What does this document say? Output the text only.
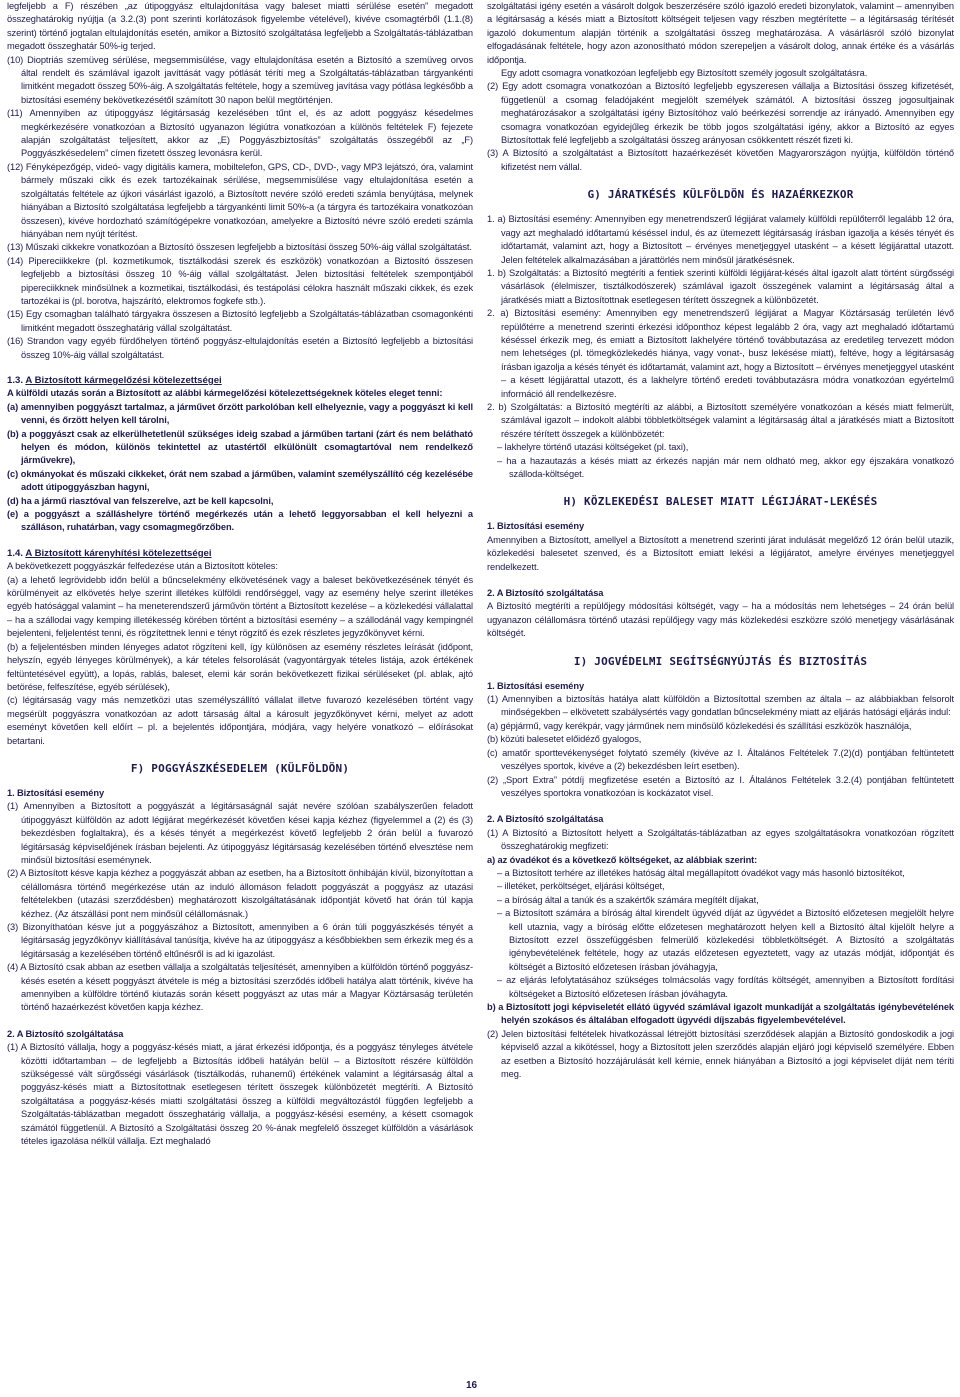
legfeljebb a F) részében „az útipoggyász eltulajdonítása vagy baleset miatti sérülése esetén” megadott összeghatárokig nyújtja (a 3.2.(3) pont szerinti korlátozások figyelembe vételével), kivéve csomagtérből (1.1.(8) szerint) történő jogtalan eltulajdonítás esetén, amikor a Biztosító szolgáltatása legfeljebb a Szolgáltatás-táblázatban megadott összeghatár 50%-ig terjed.

(10) Dioptriás szemüveg sérülése, megsemmisülése, vagy eltulajdonítása esetén a Biztosító a szemüveg orvos által rendelt és számlával igazolt javíttását vagy pótlását téríti meg a Szolgáltatás-táblázatban tárgyankénti limitként megadott összeg 50%-áig. A szolgáltatás feltétele, hogy a szemüveg javítása vagy pótlása legkésőbb a biztosítási esemény bekövetkezésétől számított 30 napon belül megtörténjen.

(11) Amennyiben az útipoggyász légitársaság kezelésében tűnt el, és az adott poggyász késedelmes megkérkezésére vonatkozóan a Biztosító ugyanazon légiútra vonatkozóan a különös feltételek F) fejezete alapján szolgáltatást teljesített, akkor az „E) Poggyászbiztosítás” szolgáltatás összegéből az „F) Poggyászkésedelem” címen fizetett összeg levonásra kerül.

(12) Fényképezőgép, videó- vagy digitális kamera, mobiltelefon, GPS, CD-, DVD-, vagy MP3 lejátszó, óra, valamint bármely műszaki cikk és ezek tartozékainak sérülése, megsemmisülése vagy eltulajdonítása esetén a szolgáltatás feltétele az újkori vásárlást igazoló, a Biztosított nevére szóló eredeti számla benyújtása, melynek hiányában a Biztosító szolgáltatása legfeljebb a tárgyankénti limit 50%-a (a tárgyra és tartozékaira vonatkozóan összesen), kivéve hordozható számítógépekre vonatkozóan, amelyekre a Biztosító névre szóló eredeti számla hiányában nem nyújt térítést.

(13) Műszaki cikkekre vonatkozóan a Biztosító összesen legfeljebb a biztosítási összeg 50%-áig vállal szolgáltatást.

(14) Pipereciikkekre (pl. kozmetikumok, tisztálkodási szerek és eszközök) vonatkozóan a Biztosító összesen legfeljebb a biztosítási összeg 10 %-áig vállal szolgáltatást. Jelen biztosítási feltételek szempontjából pipereciikknek minősülnek a kozmetikai, tisztálkodási, és testápolási célokra használt műszaki cikkek, és ezek tartozékai is (pl. borotva, hajszárító, elektromos fogkefe stb.).

(15) Egy csomagban található tárgyakra összesen a Biztosító legfeljebb a Szolgáltatás-táblázatban csomagonkénti limitként megadott összeghatárig vállal szolgáltatást.

(16) Strandon vagy egyéb fürdőhelyen történő poggyász-eltulajdonítás esetén a Biztosító legfeljebb a biztosítási összeg 10%-áig vállal szolgáltatást.

1.3. A Biztosított kármegelőzési kötelezettségei

A külföldi utazás során a Biztosított az alábbi kármegelőzési kötelezettségeknek köteles eleget tenni:

(a) amennyiben poggyászt tartalmaz, a járművet őrzött parkolóban kell elhelyeznie, vagy a poggyászt ki kell venni, és őrzött helyen kell tárolni,

(b) a poggyászt csak az elkerülhetetlenül szükséges ideig szabad a járműben tartani (zárt és nem belátható helyen és módon, különös tekintettel az utastértől elkülönült csomagtartóval nem rendelkező járművekre),

(c) okmányokat és műszaki cikkeket, órát nem szabad a járműben, valamint személyszállító cég kezelésébe adott útipoggyászban hagyni,

(d) ha a jármű riasztóval van felszerelve, azt be kell kapcsolni,

(e) a poggyászt a szálláshelyre történő megérkezés után a lehető leggyorsabban el kell helyezni a szálláson, ruhatárban, vagy csomagmegőrzőben.

1.4. A Biztosított kárenyhítési kötelezettségei

A bekövetkezett poggyászkár felfedezése után a Biztosított köteles:

(a) a lehető legrövidebb időn belül a bűncselekmény elkövetésének vagy a baleset bekövetkezésének tényét és körülményeit az elkövetés helye szerint illetékes külföldi rendőrséggel, vagy az esemény helye szerint illetékes egyéb hatósággal valamint – ha meneterendszerű járművön történt a Biztosított kezelése – a közlekedési vállalattal – ha a szállodai vagy kemping illetékesség körében történt a biztosítási esemény – a szállodánál vagy kempingnél bejelenteni, feljelentést tenni, és rögzítettnek lenni e tényt rögzítő és ezek részletes jegyzőkönyvet kérni.

(b) a feljelentésben minden lényeges adatot rögzíteni kell, így különösen az esemény részletes leírását (időpont, helyszín, egyéb lényeges körülmények), a kár tételes felsorolását (vagyontárgyak tételes listája, azok értékének feltüntetésével együtt), a lopás, rablás, baleset, elemi kár során bekövetkezett fizikai sérüléseket (pl. ablak, ajtó betörése, felfeszítése, egyéb sérülések),

(c) légitársaság vagy más nemzetközi utas személyszállító vállalat illetve fuvarozó kezelésében történt vagy megsérült poggyászra vonatkozóan az adott társaság által a károsult jegyzőkönyvet kérni, melyet az adott eseményt követően kell előírt – pl. a bejelentés időpontjára, módjára, vagy helyére vonatkozó – előírásokat betartani.

F) POGGYÁSZKÉSEDELEM (KÜLFÖLDÖN)

1. Biztosítási esemény

(1) Amennyiben a Biztosított a poggyászát a légitársaságnál saját nevére szólóan szabályszerűen feladott útipoggyászt külföldön az adott légijárat megérkezését követően kései kapja kézhez (figyelemmel a (2) és (3) bekezdésben foglaltakra), és a késés tényét a megérkezést követő legfeljebb 2 órán belül a fuvarozó légitársaság képviselőjének írásban bejelenti. Az útipoggyász légitársaság kezelésében történő elvesztése nem minősül biztosítási eseménynek.

(2) A Biztosított késve kapja kézhez a poggyászát abban az esetben, ha a Biztosított önhibáján kívül, bizonyítottan a célállomásra történő megérkezése után az induló állomáson feladott poggyászát a poggyász az utazási feltételekben (utazási szerződésben) meghatározott kiszolgáltatásának időpontját követő hat órán túl kapja kézhez. (Az átszállási pont nem minősül célállomásnak.)

(3) Bizonyíthatóan késve jut a poggyászához a Biztosított, amennyiben a 6 órán túli poggyászkésés tényét a légitársaság jegyzőkönyv kiállításával tanúsítja, kivéve ha az útipoggyász a későbbiekben sem érkezik meg és a légitársaság a kezelésében történő eltűnésről is ad ki igazolást.

(4) A Biztosító csak abban az esetben vállalja a szolgáltatás teljesítését, amennyiben a külföldön történő poggyász-késés esetén a késett poggyászt átvétele is még a biztosítási szerződés időbeli hatálya alatt történik, kivéve ha amennyiben a külföldre történő kiutazás során késett poggyászt az utas már a Magyar Köztársaság területén történő hazaérkezést követően kapja kézhez.

2. A Biztosító szolgáltatása

(1) A Biztosító vállalja, hogy a poggyász-késés miatt, a járat érkezési időpontja, és a poggyász tényleges átvétele közötti időtartamban – de legfeljebb a Biztosítás időbeli hatályán belül – a Biztosított részére külföldön szükségessé vált sürgősségi vásárlások (tisztálkodás, ruhanemű) értékének valamint a légitársaság által a poggyász-késés miatt a Biztosítottnak esetlegesen térített összegek különbözetét megtéríti. A Biztosító szolgáltatása a poggyász-késés miatti szolgáltatási összeg a külföldi megváltozástól függően legfeljebb a Szolgáltatás-táblázatban megadott összeghatárig vállalja, a poggyász-késési esemény, a késett csomagok számától függetlenül. A Biztosító a Szolgáltatási összeg 20 %-ának megfelelő összeget külföldön a vásárlások tételes igazolása nélkül vállalja. Ezt meghaladó

szolgáltatási igény esetén a vásárolt dolgok beszerzésére szóló igazoló eredeti bizonylatok, valamint – amennyiben a légitársaság a késés miatt a Biztosított költségeit teljesen vagy részben megtérítette – a légitársaság térítését igazoló dokumentum alapján történik a szolgáltatási összeg meghatározása. A vásárlásról szóló bizonylat elfogadásának feltétele, hogy azon azonosítható módon szerepeljen a vásárolt dolog, annak értéke és a vásárlás időpontja.

Egy adott csomagra vonatkozóan legfeljebb egy Biztosított személy jogosult szolgáltatásra.

(2) Egy adott csomagra vonatkozóan a Biztosító legfeljebb egyszeresen vállalja a Biztosítási összeg kifizetését, függetlenül a csomag feladójaként megjelölt személyek számától. A biztosítási összeg jogosultjainak meghatározásakor a szolgáltatási igény Biztosítóhoz való beérkezési sorrendje az irányadó. Amennyiben egy csomagra vonatkozóan egyidejűleg érkezik be több jogos szolgáltatási igény, akkor a Biztosító az egyes Biztosítottak felé legfeljebb a szolgáltatási összeg arányosan csökkentett részét fizeti ki.

(3) A Biztosító a szolgáltatást a Biztosított hazaérkezését követően Magyarországon nyújtja, külföldön történő kifizetést nem vállal.

G) JÁRATKÉSÉS KÜLFÖLDÖN ÉS HAZAÉRKEZKOR

1. a) Biztosítási esemény: Amennyiben egy menetrendszerű légijárat valamely külföldi repülőterről legalább 12 óra, vagy azt meghaladó időtartamú késéssel indul, és az ütemezett légitársaság írásban igazolja a késés tényét és időtartamát, valamint azt, hogy a Biztosított – érvényes menetjeggyel utasként – a késett légijárattal utazott. Jelen feltételek alkalmazásában a járattörlés nem minősül járatkésésnek.

1. b) Szolgáltatás: a Biztosító megtéríti a fentiek szerinti külföldi légijárat-késés által igazolt alatt történt sürgősségi vásárlások (élelmiszer, tisztálkodószerek) számlával igazolt összegének valamint a légitársaság által a járatkésés miatt a Biztosítottnak esetlegesen térített összegnek a különbözetét.

2. a) Biztosítási esemény: Amennyiben egy menetrendszerű légijárat a Magyar Köztársaság területén lévő repülőtérre a menetrend szerinti érkezési időponthoz képest legalább 2 óra, vagy azt meghaladó időtartamú késéssel érkezik meg, és emiatt a Biztosított lakhelyére történő továbbutazása az eredetileg tervezett módon nem lehetséges (pl. tömegközlekedés hiánya, vagy vonat-, busz lekésése miatt), feltéve, hogy a légitársaság írásban igazolja a késés tényét és időtartamát, valamint azt, hogy a Biztosított – érvényes menetjeggyel utasként – a késett légijárattal utazott, és a lakhelyre történő eredeti továbbutazásra módra vonatkozóan egyértelmű információ áll rendelkezésre.

2. b) Szolgáltatás: a Biztosító megtéríti az alábbi, a Biztosított személyére vonatkozóan a késés miatt felmerült, számlával igazolt – indokolt alábbi többletköltségek valamint a légitársaság által a járatkésés miatt a Biztosított részére térített összegek a különbözetét:

– lakhelyre történő utazási költségeket (pl. taxi),

– ha a hazautazás a késés miatt az érkezés napján már nem oldható meg, akkor egy éjszakára vonatkozó szálloda-költséget.

H) KÖZLEKEDÉSI BALESET MIATT LÉGIJÁRAT-LEKÉSÉS

1. Biztosítási esemény

Amennyiben a Biztosított, amellyel a Biztosított a menetrend szerinti járat indulását megelőző 12 órán belül utazik, közlekedési balesetet szenved, és a Biztosított emiatt lekési a légijáratot, amelyre érvényes menetjeggyel rendelkezett.

2. A Biztosító szolgáltatása

A Biztosító megtéríti a repülőjegy módosítási költségét, vagy – ha a módosítás nem lehetséges – 24 órán belül ugyanazon célállomásra történő utazási repülőjegy vagy más közlekedési eszközre szóló menetjegy vásárlásának költségét.

I) JOGVÉDELMI SEGÍTSÉGNYÚJTÁS ÉS BIZTOSÍTÁS

1. Biztosítási esemény

(1) Amennyiben a biztosítás hatálya alatt külföldön a Biztosítottal szemben az általa – az alábbiakban felsorolt minőségekben – elkövetett szabálysértés vagy gondatlan bűncselekmény miatt az eljárás hatósági eljárás indul:

(a) gépjármű, vagy kerékpár, vagy járműnek nem minősülő közlekedési és szállítási eszközök használója,

(b) közúti balesetet előidéző gyalogos,

(c) amatőr sporttevékenységet folytató személy (kivéve az I. Általános Feltételek 7.(2)(d) pontjában feltüntetett veszélyes sportok, kivéve a (2) bekezdésben leírt esetben).

(2) „Sport Extra” pótdíj megfizetése esetén a Biztosító az I. Általános Feltételek 3.2.(4) pontjában feltüntetett veszélyes sportokra vonatkozóan is kockázatot visel.

2. A Biztosító szolgáltatása

(1) A Biztosító a Biztosított helyett a Szolgáltatás-táblázatban az egyes szolgáltatásokra vonatkozóan rögzített összeghatárokig megfizeti:

a) az óvadékot és a következő költségeket, az alábbiak szerint:

– a Biztosított terhére az illetékes hatóság által megállapított óvadékot vagy más hasonló biztosítékot,

– illetéket, perköltséget, eljárási költséget,

– a bíróság által a tanúk és a szakértők számára megítélt díjakat,

– a Biztosított számára a bíróság által kirendelt ügyvéd díját az ügyvédet a Biztosító előzetesen megjelölt helyre kell utaznia, vagy a bíróság előtte előzetesen meghatározott helyen kell a Biztosító által kijelölt helyre a Biztosított ezzel összefüggésben felmerülő közlekedési többletköltségét. A Biztosító a szolgáltatás igénybevételének feltétele, hogy az utazás előzetesen egyeztetett, vagy az utazás módját, időpontját és költségét a Biztosító előzetesen írásban jóváhagyja,

– az eljárás lefolytatásához szükséges tolmácsolás vagy fordítás költségét, amennyiben a Biztosított fordítási költségeket a Biztosító előzetesen írásban jóváhagyta.

b) a Biztosított jogi képviseletét ellátó ügyvéd számlával igazolt munkadíját a szolgáltatás igénybevételének helyén szokásos és általában elfogadott ügyvédi díjszabás figyelembevételével.

(2) Jelen biztosítási feltételek hivatkozással létrejött biztosítási szerződések alapján a Biztosító gondoskodik a jogi képviselő azzal a kikötéssel, hogy a Biztosított jelen szerződés alapján eljáró jogi képviselő személyére. Ebben az esetben a Biztosító hozzájárulását kell kérnie, ennek hiányában a Biztosító a jogi képviselet díját nem téríti meg.

16
